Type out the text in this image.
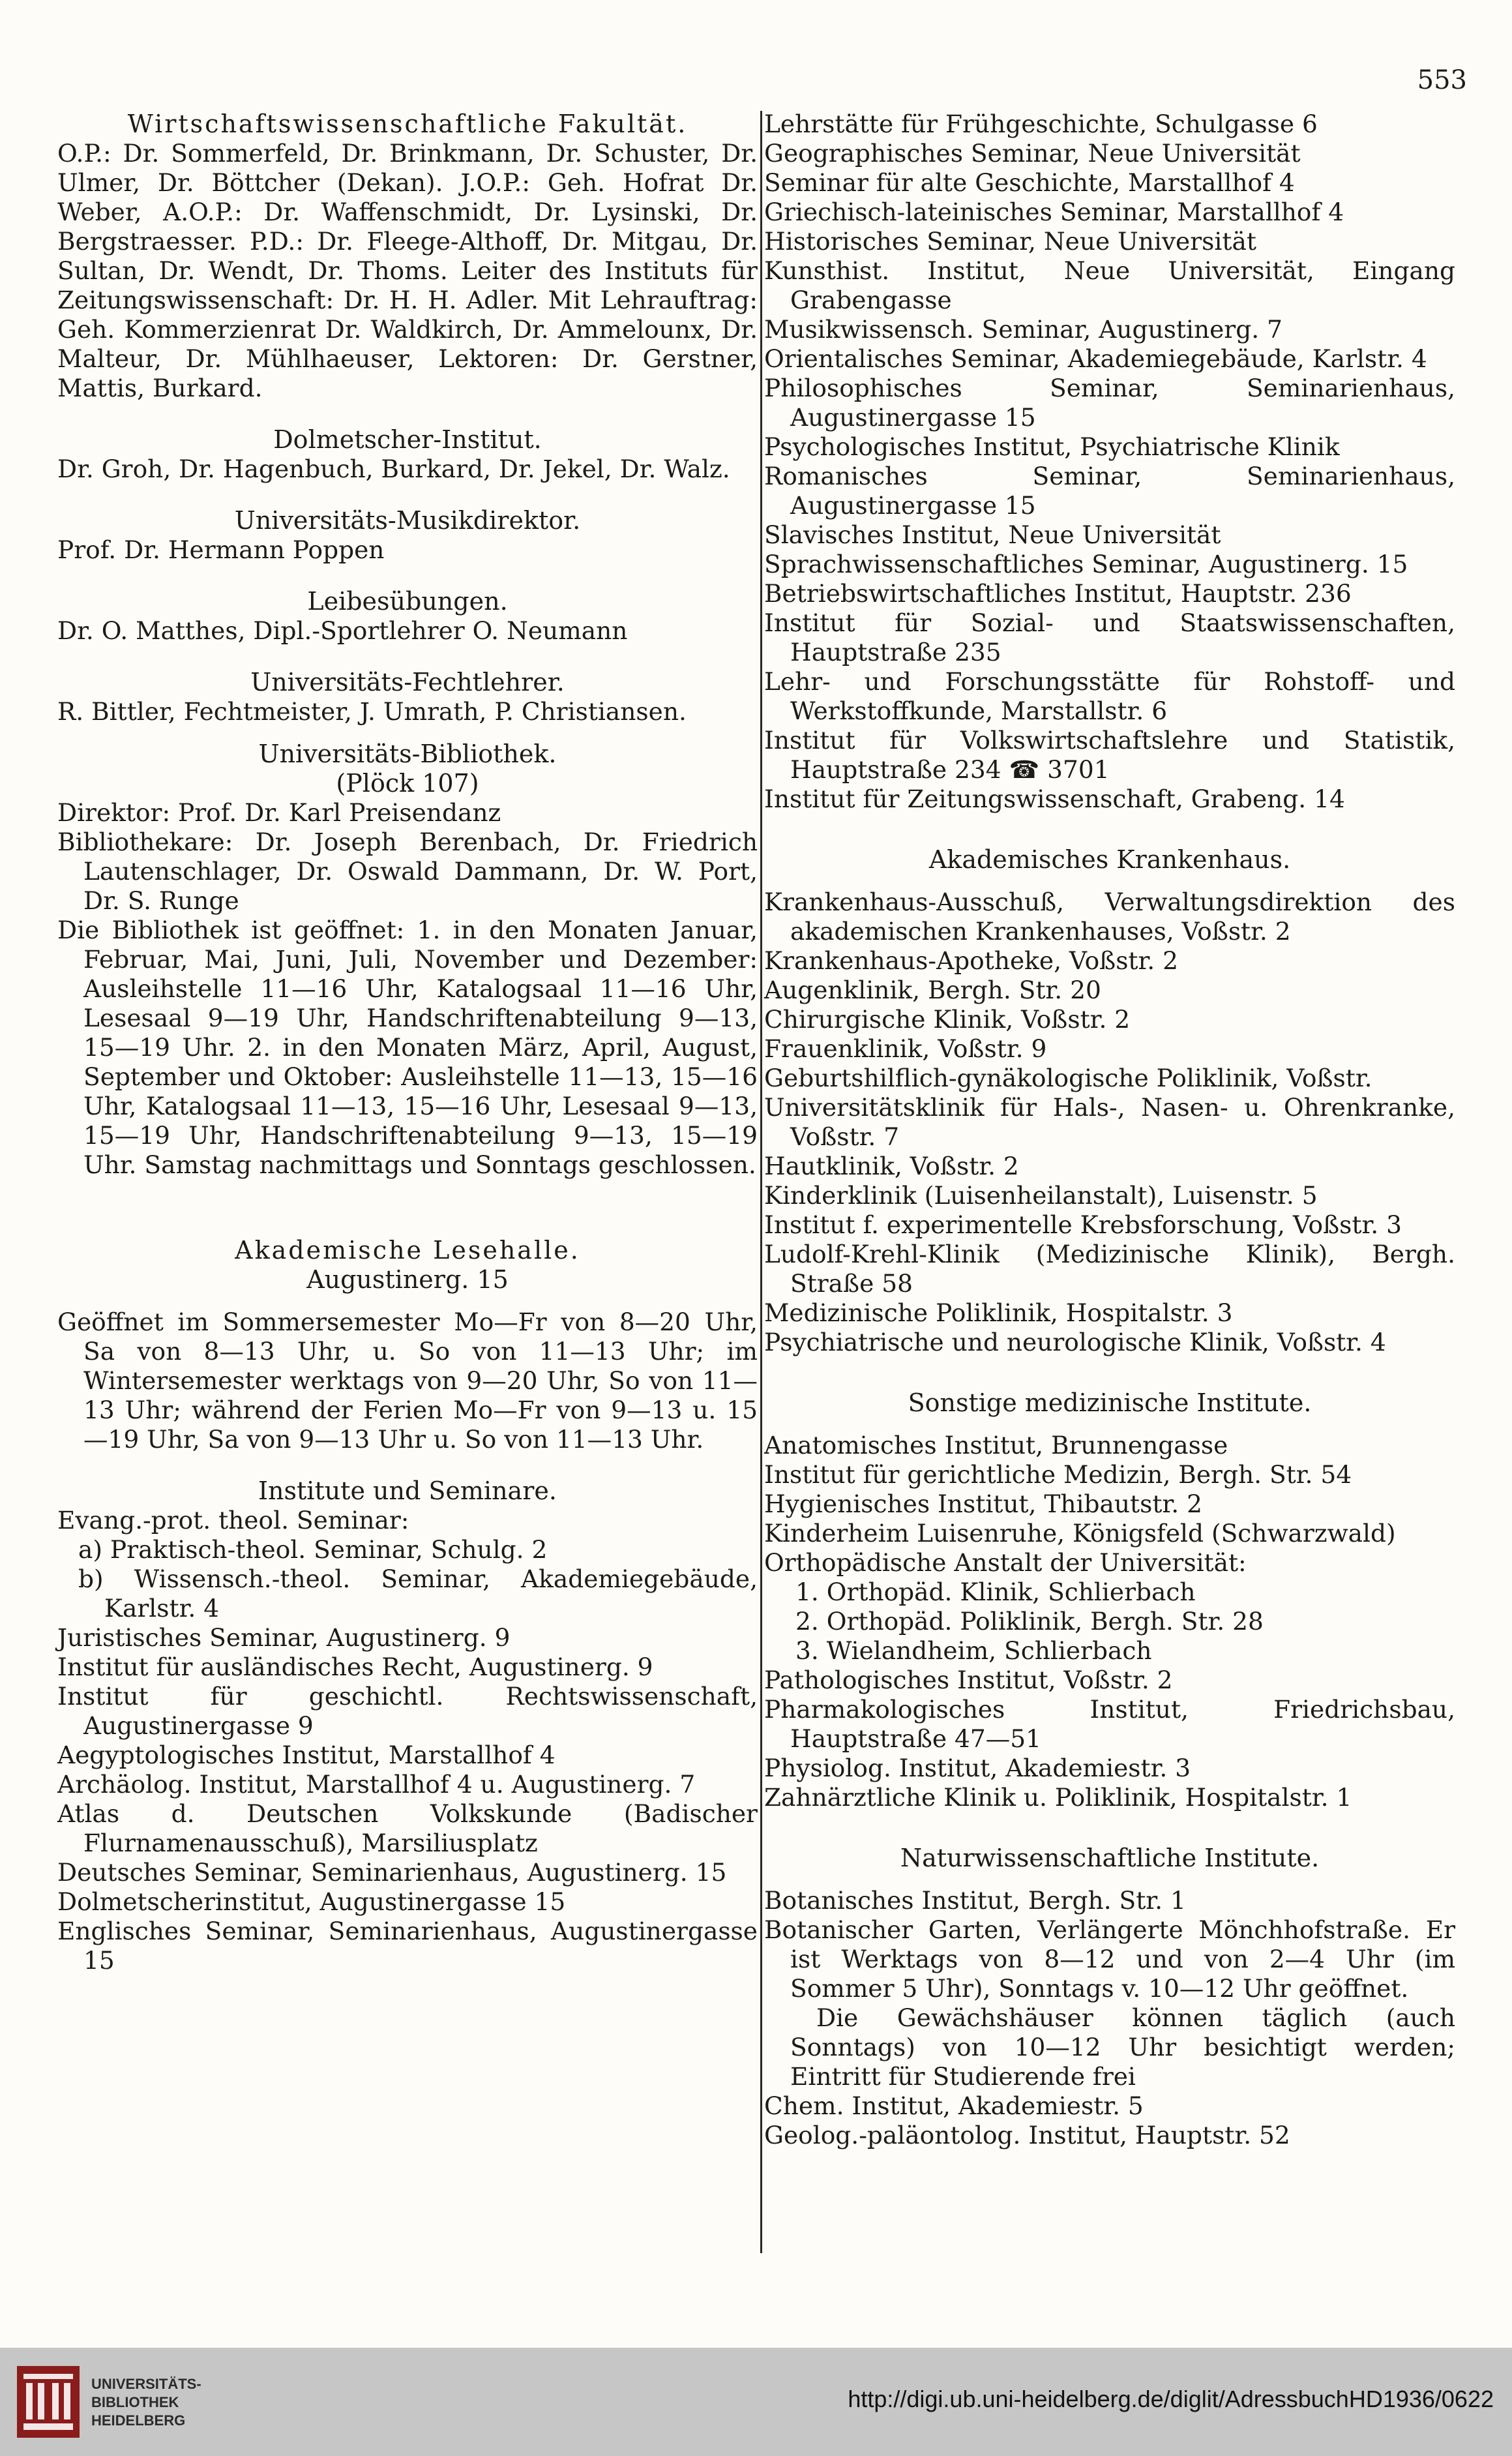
553

Wirtschaftswissenschaftliche Fakultät.

O.P.: Dr. Sommerfeld, Dr. Brinkmann, Dr. Schuster, Dr. Ulmer, Dr. Böttcher (Dekan). J.O.P.: Geh. Hofrat Dr. Weber, A.O.P.: Dr. Waffenschmidt, Dr. Lysinski, Dr. Bergstraesser. P.D.: Dr. Fleege-Althoff, Dr. Mitgau, Dr. Sultan, Dr. Wendt, Dr. Thoms. Leiter des Instituts für Zeitungswissenschaft: Dr. H. H. Adler. Mit Lehrauftrag: Geh. Kommerzienrat Dr. Waldkirch, Dr. Ammelounx, Dr. Malteur, Dr. Mühlhaeuser, Lektoren: Dr. Gerstner, Mattis, Burkard.

Dolmetscher-Institut.

Dr. Groh, Dr. Hagenbuch, Burkard, Dr. Jekel, Dr. Walz.

Universitäts-Musikdirektor.

Prof. Dr. Hermann Poppen

Leibesübungen.

Dr. O. Matthes, Dipl.-Sportlehrer O. Neumann

Universitäts-Fechtlehrer.

R. Bittler, Fechtmeister, J. Umrath, P. Christiansen.

Universitäts-Bibliothek.

(Plöck 107)

Direktor: Prof. Dr. Karl Preisendanz

Bibliothekare: Dr. Joseph Berenbach, Dr. Friedrich Lautenschlager, Dr. Oswald Dammann, Dr. W. Port, Dr. S. Runge

Die Bibliothek ist geöffnet: 1. in den Monaten Januar, Februar, Mai, Juni, Juli, November und Dezember: Ausleihstelle 11—16 Uhr, Katalogsaal 11—16 Uhr, Lesesaal 9—19 Uhr, Handschriftenabteilung 9—13, 15—19 Uhr. 2. in den Monaten März, April, August, September und Oktober: Ausleihstelle 11—13, 15—16 Uhr, Katalogsaal 11—13, 15—16 Uhr, Lesesaal 9—13, 15—19 Uhr, Handschriftenabteilung 9—13, 15—19 Uhr. Samstag nachmittags und Sonntags geschlossen.

Akademische Lesehalle.

Augustinerg. 15

Geöffnet im Sommersemester Mo—Fr von 8—20 Uhr, Sa von 8—13 Uhr, u. So von 11—13 Uhr; im Wintersemester werktags von 9—20 Uhr, So von 11—13 Uhr; während der Ferien Mo—Fr von 9—13 u. 15—19 Uhr, Sa von 9—13 Uhr u. So von 11—13 Uhr.

Institute und Seminare.

Evang.-prot. theol. Seminar:

a) Praktisch-theol. Seminar, Schulg. 2

b) Wissensch.-theol. Seminar, Akademiegebäude, Karlstr. 4

Juristisches Seminar, Augustinerg. 9

Institut für ausländisches Recht, Augustinerg. 9

Institut für geschichtl. Rechtswissenschaft, Augustinergasse 9

Aegyptologisches Institut, Marstallhof 4

Archäolog. Institut, Marstallhof 4 u. Augustinerg. 7

Atlas d. Deutschen Volkskunde (Badischer Flurnamenausschuß), Marsiliusplatz

Deutsches Seminar, Seminarienhaus, Augustinerg. 15

Dolmetscherinstitut, Augustinergasse 15

Englisches Seminar, Seminarienhaus, Augustinergasse 15

Lehrstätte für Frühgeschichte, Schulgasse 6

Geographisches Seminar, Neue Universität

Seminar für alte Geschichte, Marstallhof 4

Griechisch-lateinisches Seminar, Marstallhof 4

Historisches Seminar, Neue Universität

Kunsthist. Institut, Neue Universität, Eingang Grabengasse

Musikwissensch. Seminar, Augustinerg. 7

Orientalisches Seminar, Akademiegebäude, Karlstr. 4

Philosophisches Seminar, Seminarienhaus, Augustinergasse 15

Psychologisches Institut, Psychiatrische Klinik

Romanisches Seminar, Seminarienhaus, Augustinergasse 15

Slavisches Institut, Neue Universität

Sprachwissenschaftliches Seminar, Augustinerg. 15

Betriebswirtschaftliches Institut, Hauptstr. 236

Institut für Sozial- und Staatswissenschaften, Hauptstraße 235

Lehr- und Forschungsstätte für Rohstoff- und Werkstoffkunde, Marstallstr. 6

Institut für Volkswirtschaftslehre und Statistik, Hauptstraße 234 ☎ 3701

Institut für Zeitungswissenschaft, Grabeng. 14

Akademisches Krankenhaus.

Krankenhaus-Ausschuß, Verwaltungsdirektion des akademischen Krankenhauses, Voßstr. 2

Krankenhaus-Apotheke, Voßstr. 2

Augenklinik, Bergh. Str. 20

Chirurgische Klinik, Voßstr. 2

Frauenklinik, Voßstr. 9

Geburtshilflich-gynäkologische Poliklinik, Voßstr.

Universitätsklinik für Hals-, Nasen- u. Ohrenkranke, Voßstr. 7

Hautklinik, Voßstr. 2

Kinderklinik (Luisenheilanstalt), Luisenstr. 5

Institut f. experimentelle Krebsforschung, Voßstr. 3

Ludolf-Krehl-Klinik (Medizinische Klinik), Bergh. Straße 58

Medizinische Poliklinik, Hospitalstr. 3

Psychiatrische und neurologische Klinik, Voßstr. 4

Sonstige medizinische Institute.

Anatomisches Institut, Brunnengasse

Institut für gerichtliche Medizin, Bergh. Str. 54

Hygienisches Institut, Thibautstr. 2

Kinderheim Luisenruhe, Königsfeld (Schwarzwald)

Orthopädische Anstalt der Universität:

1. Orthopäd. Klinik, Schlierbach

2. Orthopäd. Poliklinik, Bergh. Str. 28

3. Wielandheim, Schlierbach

Pathologisches Institut, Voßstr. 2

Pharmakologisches Institut, Friedrichsbau, Hauptstraße 47—51

Physiolog. Institut, Akademiestr. 3

Zahnärztliche Klinik u. Poliklinik, Hospitalstr. 1

Naturwissenschaftliche Institute.

Botanisches Institut, Bergh. Str. 1

Botanischer Garten, Verlängerte Mönchhofstraße. Er ist Werktags von 8—12 und von 2—4 Uhr (im Sommer 5 Uhr), Sonntags v. 10—12 Uhr geöffnet.

Die Gewächshäuser können täglich (auch Sonntags) von 10—12 Uhr besichtigt werden; Eintritt für Studierende frei

Chem. Institut, Akademiestr. 5

Geolog.-paläontolog. Institut, Hauptstr. 52

UNIVERSITÄTS-
BIBLIOTHEK
HEIDELBERG
http://digi.ub.uni-heidelberg.de/diglit/AdressbuchHD1936/0622
